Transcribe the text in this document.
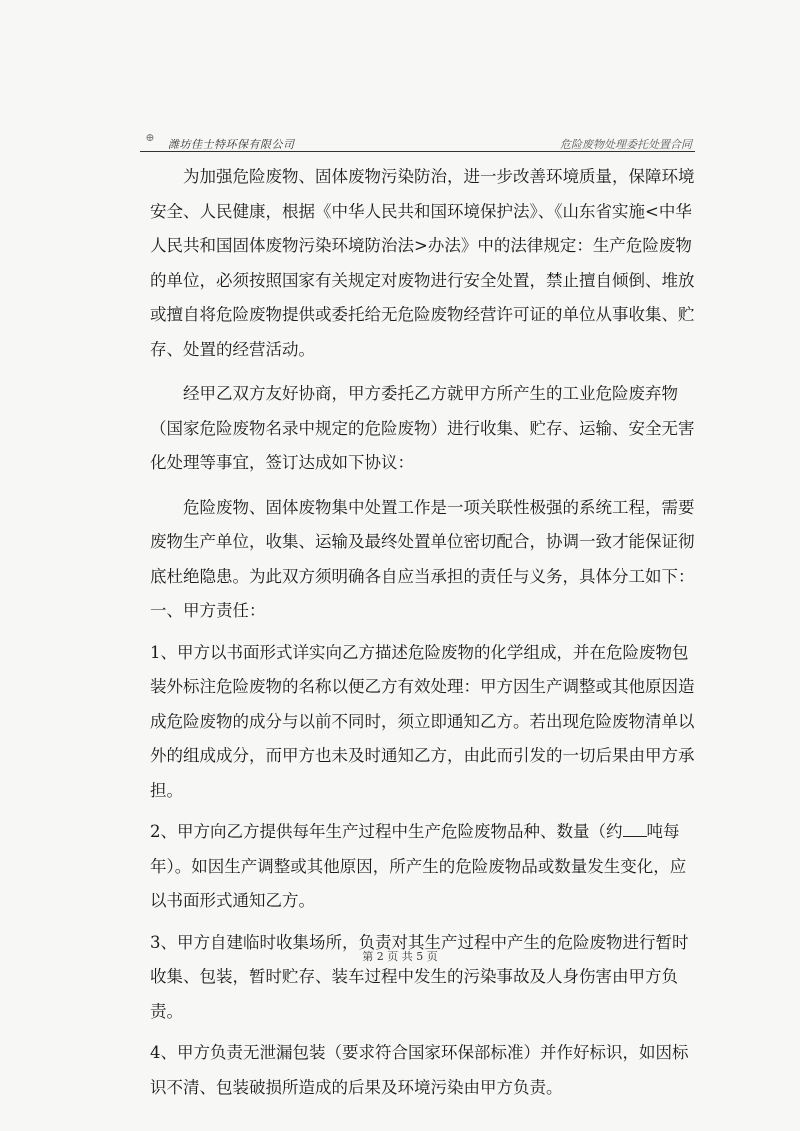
⊕
潍坊佳士特环保有限公司	危险废物处理委托处置合同

为加强危险废物、固体废物污染防治，进一步改善环境质量，保障环境安全、人民健康，根据《中华人民共和国环境保护法》、《山东省实施<中华人民共和国固体废物污染环境防治法>办法》中的法律规定：生产危险废物的单位，必须按照国家有关规定对废物进行安全处置，禁止擅自倾倒、堆放或擅自将危险废物提供或委托给无危险废物经营许可证的单位从事收集、贮存、处置的经营活动。

经甲乙双方友好协商，甲方委托乙方就甲方所产生的工业危险废弃物（国家危险废物名录中规定的危险废物）进行收集、贮存、运输、安全无害化处理等事宜，签订达成如下协议：

危险废物、固体废物集中处置工作是一项关联性极强的系统工程，需要废物生产单位，收集、运输及最终处置单位密切配合，协调一致才能保证彻底杜绝隐患。为此双方须明确各自应当承担的责任与义务，具体分工如下：

一、甲方责任：

1、甲方以书面形式详实向乙方描述危险废物的化学组成，并在危险废物包装外标注危险废物的名称以便乙方有效处理：甲方因生产调整或其他原因造成危险废物的成分与以前不同时，须立即通知乙方。若出现危险废物清单以外的组成成分，而甲方也未及时通知乙方，由此而引发的一切后果由甲方承担。

2、甲方向乙方提供每年生产过程中生产危险废物品种、数量（约 吨每年）。如因生产调整或其他原因，所产生的危险废物品或数量发生变化，应以书面形式通知乙方。

3、甲方自建临时收集场所，负责对其生产过程中产生的危险废物进行暂时收集、包装，暂时贮存、装车过程中发生的污染事故及人身伤害由甲方负责。

4、甲方负责无泄漏包装（要求符合国家环保部标准）并作好标识，如因标识不清、包装破损所造成的后果及环境污染由甲方负责。

第 2 页 共 5 页
